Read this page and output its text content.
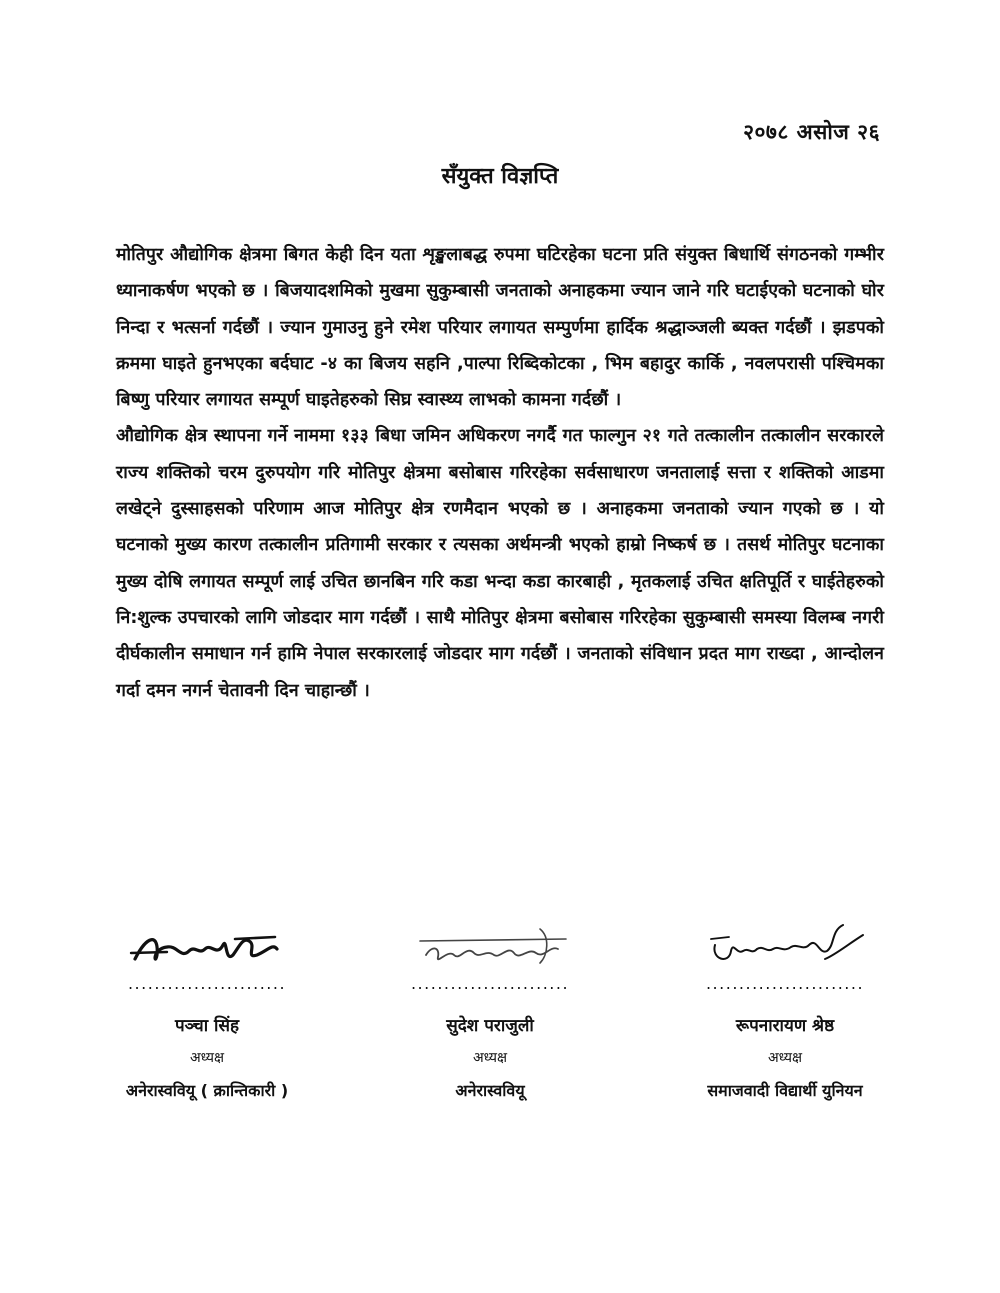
२०७८ असोज २६
सँयुक्त विज्ञप्ति

मोतिपुर औद्योगिक क्षेत्रमा बिगत केही दिन यता शृङ्खलाबद्ध रुपमा घटिरहेका घटना प्रति संयुक्त बिधार्थि संगठनको गम्भीर ध्यानाकर्षण भएको छ । बिजयादशमिको मुखमा सुकुम्बासी जनताको अनाहकमा ज्यान जाने गरि घटाईएको घटनाको घोर निन्दा र भत्सर्ना गर्दछौं । ज्यान गुमाउनु हुने रमेश परियार लगायत सम्पुर्णमा हार्दिक श्रद्धाञ्जली ब्यक्त गर्दछौं । झडपको क्रममा घाइते हुनभएका बर्दघाट -४ का बिजय सहनि ,पाल्पा रिब्दिकोटका , भिम बहादुर कार्कि , नवलपरासी पश्चिमका बिष्णु परियार लगायत सम्पूर्ण घाइतेहरुको सिघ्र स्वास्थ्य लाभको कामना गर्दछौं ।

औद्योगिक क्षेत्र स्थापना गर्ने नाममा १३३ बिधा जमिन अधिकरण नगर्दै गत फाल्गुन २१ गते तत्कालीन तत्कालीन सरकारले राज्य शक्तिको चरम दुरुपयोग गरि मोतिपुर क्षेत्रमा बसोबास गरिरहेका सर्वसाधारण जनतालाई सत्ता र शक्तिको आडमा लखेट्ने दुस्साहसको परिणाम आज मोतिपुर क्षेत्र रणमैदान भएको छ । अनाहकमा जनताको ज्यान गएको छ । यो घटनाको मुख्य कारण तत्कालीन प्रतिगामी सरकार र त्यसका अर्थमन्त्री भएको हाम्रो निष्कर्ष छ । तसर्थ मोतिपुर घटनाका मुख्य दोषि लगायत सम्पूर्ण लाई उचित छानबिन गरि कडा भन्दा कडा कारबाही , मृतकलाई उचित क्षतिपूर्ति र घाईतेहरुको नि:शुल्क उपचारको लागि जोडदार माग गर्दछौं । साथै मोतिपुर क्षेत्रमा बसोबास गरिरहेका सुकुम्बासी समस्या विलम्ब नगरी दीर्घकालीन समाधान गर्न हामि नेपाल सरकारलाई जोडदार माग गर्दछौं । जनताको संविधान प्रदत माग राख्दा , आन्दोलन गर्दा दमन नगर्न चेतावनी दिन चाहान्छौं ।

........................
पञ्चा सिंह
अध्यक्ष
अनेरास्ववियू ( क्रान्तिकारी )
........................
सुदेश पराजुली
अध्यक्ष
अनेरास्ववियू
........................
रूपनारायण श्रेष्ठ
अध्यक्ष
समाजवादी विद्यार्थी युनियन
